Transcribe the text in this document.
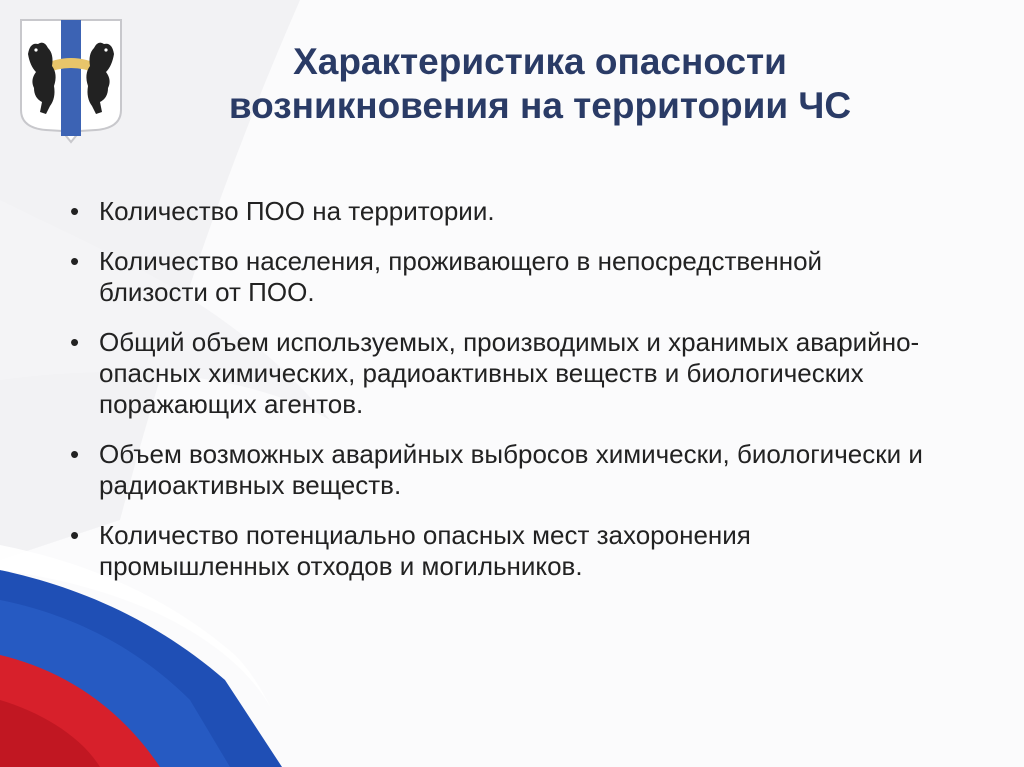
Характеристика опасности
возникновения на территории ЧС
• Количество ПОО на территории.
• Количество населения, проживающего в непосредственной близости от ПОО.
• Общий объем используемых, производимых и хранимых аварийно-опасных химических, радиоактивных веществ и биологических поражающих агентов.
• Объем возможных аварийных выбросов химически, биологически и радиоактивных веществ.
• Количество потенциально опасных мест захоронения промышленных отходов и могильников.
